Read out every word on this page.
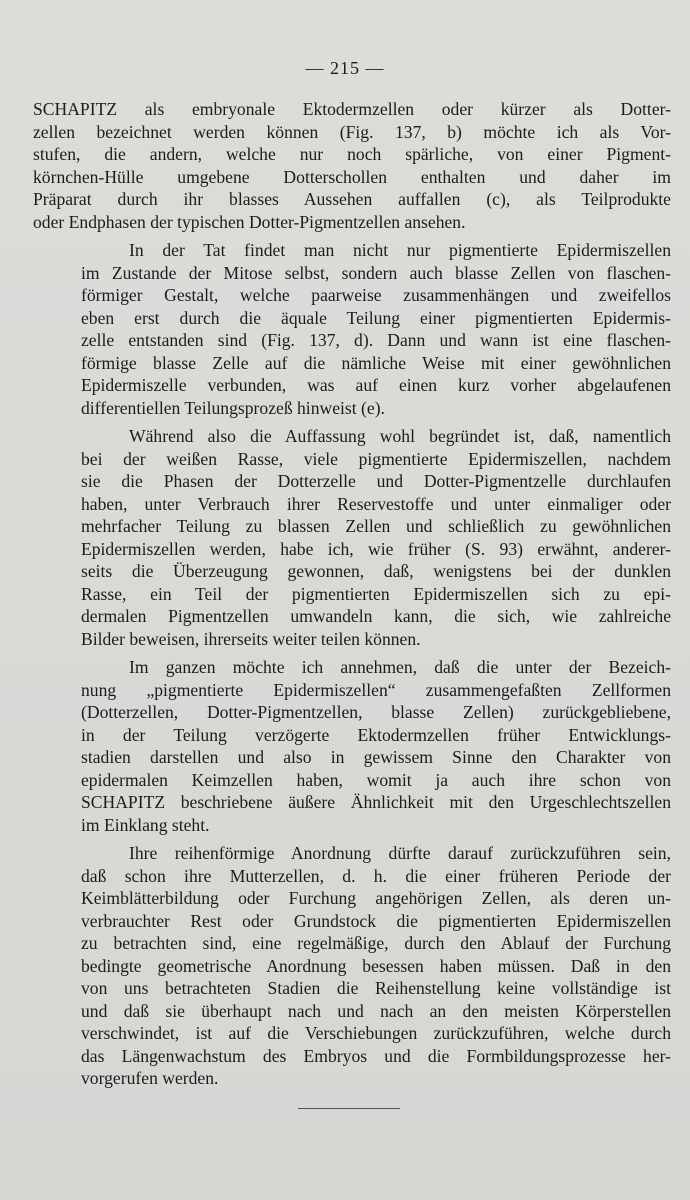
— 215 —

SCHAPITZ als embryonale Ektodermzellen oder kürzer als Dotter-
zellen bezeichnet werden können (Fig. 137, b) möchte ich als Vor-
stufen, die andern, welche nur noch spärliche, von einer Pigment-
körnchen-Hülle umgebene Dotterschollen enthalten und daher im
Präparat durch ihr blasses Aussehen auffallen (c), als Teilprodukte
oder Endphasen der typischen Dotter-Pigmentzellen ansehen.

In der Tat findet man nicht nur pigmentierte Epidermiszellen
im Zustande der Mitose selbst, sondern auch blasse Zellen von flaschen-
förmiger Gestalt, welche paarweise zusammenhängen und zweifellos
eben erst durch die äquale Teilung einer pigmentierten Epidermis-
zelle entstanden sind (Fig. 137, d). Dann und wann ist eine flaschen-
förmige blasse Zelle auf die nämliche Weise mit einer gewöhnlichen
Epidermiszelle verbunden, was auf einen kurz vorher abgelaufenen
differentiellen Teilungsprozeß hinweist (e).

Während also die Auffassung wohl begründet ist, daß, namentlich
bei der weißen Rasse, viele pigmentierte Epidermiszellen, nachdem
sie die Phasen der Dotterzelle und Dotter-Pigmentzelle durchlaufen
haben, unter Verbrauch ihrer Reservestoffe und unter einmaliger oder
mehrfacher Teilung zu blassen Zellen und schließlich zu gewöhnlichen
Epidermiszellen werden, habe ich, wie früher (S. 93) erwähnt, anderer-
seits die Überzeugung gewonnen, daß, wenigstens bei der dunklen
Rasse, ein Teil der pigmentierten Epidermiszellen sich zu epi-
dermalen Pigmentzellen umwandeln kann, die sich, wie zahlreiche
Bilder beweisen, ihrerseits weiter teilen können.

Im ganzen möchte ich annehmen, daß die unter der Bezeich-
nung „pigmentierte Epidermiszellen“ zusammengefaßten Zellformen
(Dotterzellen, Dotter-Pigmentzellen, blasse Zellen) zurückgebliebene,
in der Teilung verzögerte Ektodermzellen früher Entwicklungs-
stadien darstellen und also in gewissem Sinne den Charakter von
epidermalen Keimzellen haben, womit ja auch ihre schon von
SCHAPITZ beschriebene äußere Ähnlichkeit mit den Urgeschlechtszellen
im Einklang steht.

Ihre reihenförmige Anordnung dürfte darauf zurückzuführen sein,
daß schon ihre Mutterzellen, d. h. die einer früheren Periode der
Keimblätterbildung oder Furchung angehörigen Zellen, als deren un-
verbrauchter Rest oder Grundstock die pigmentierten Epidermiszellen
zu betrachten sind, eine regelmäßige, durch den Ablauf der Furchung
bedingte geometrische Anordnung besessen haben müssen. Daß in den
von uns betrachteten Stadien die Reihenstellung keine vollständige ist
und daß sie überhaupt nach und nach an den meisten Körperstellen
verschwindet, ist auf die Verschiebungen zurückzuführen, welche durch
das Längenwachstum des Embryos und die Formbildungsprozesse her-
vorgerufen werden.
